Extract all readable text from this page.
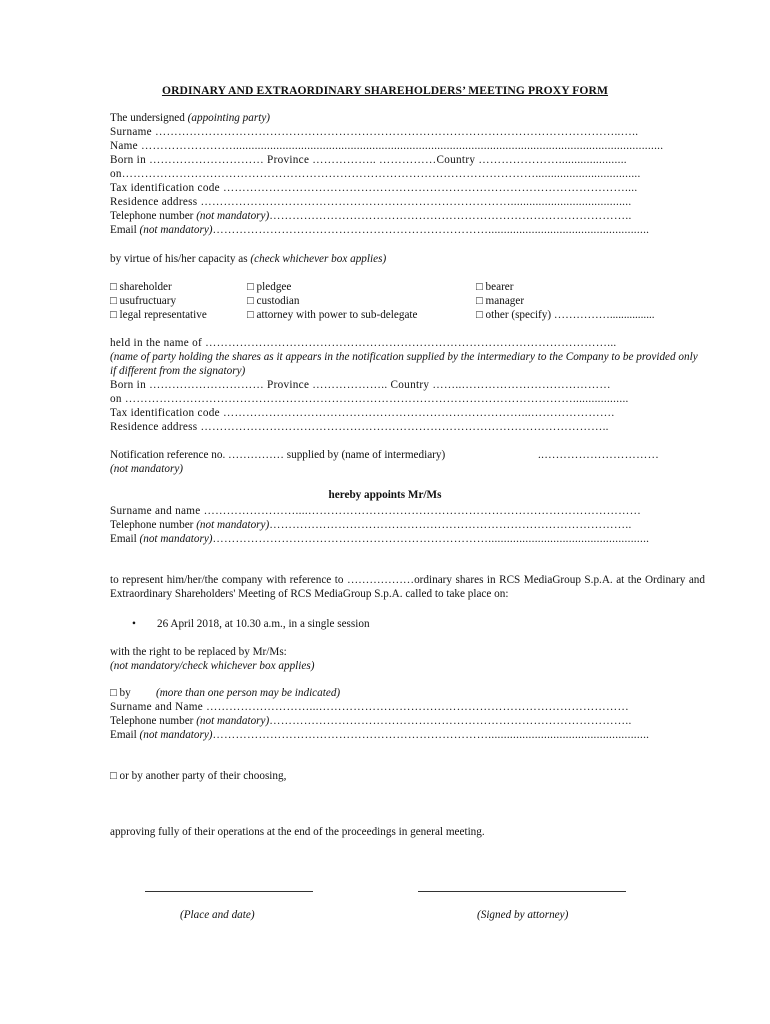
ORDINARY AND EXTRAORDINARY SHAREHOLDERS’ MEETING PROXY FORM
The undersigned (appointing party)
Surname …………………………………………………………………………………………………………..…..
Name ……………………...........................................................................................................................................
Born in ………………………… Province …………….. ……………Country …………………......................
on………………………………………………………………………………………………..................................
Tax identification code ……………………………………………………………………………………………....
Residence address ……………………………………………………………………….......................................
Telephone number (not mandatory)…………………………………………………………………………………..
Email (not mandatory)………………………………………………………………....................................................
by virtue of his/her capacity as (check whichever box applies)
□ shareholder
□ usufructuary
□ legal representative
□ pledgee
□ custodian
□ attorney with power to sub-delegate
□ bearer
□ manager
□ other (specify) ……………................
held in the name of ……………………………………………………………………………………………...
(name of party holding the shares as it appears in the notification supplied by the intermediary to the Company to be provided only if different from the signatory)
Born in ………………………… Province ……………….. Country ……..…………………………………
on ………………………………………………………………………………………………………..................
Tax identification code ……………………………………………………………………...………………….
Residence address ……………………………………………………………………………………………..
Notification reference no. …………… supplied by (name of intermediary)	..…………………………
(not mandatory)
hereby appoints Mr/Ms
Surname and name ……………………....……………………………………………………………………………
Telephone number (not mandatory)…………………………………………………………………………………..
Email (not mandatory)………………………………………………………………....................................................
to represent him/her/the company with reference to ………………ordinary shares in RCS MediaGroup S.p.A. at the Ordinary and Extraordinary Shareholders' Meeting of RCS MediaGroup S.p.A. called to take place on:
• 26 April 2018, at 10.30 a.m., in a single session
with the right to be replaced by Mr/Ms:
(not mandatory/check whichever box applies)
□ by (more than one person may be indicated)
Surname and Name ………………………...………………………………………………………………………
Telephone number (not mandatory)…………………………………………………………………………………..
Email (not mandatory)………………………………………………………………....................................................
□ or by another party of their choosing,
approving fully of their operations at the end of the proceedings in general meeting.
(Place and date)	(Signed by attorney)
